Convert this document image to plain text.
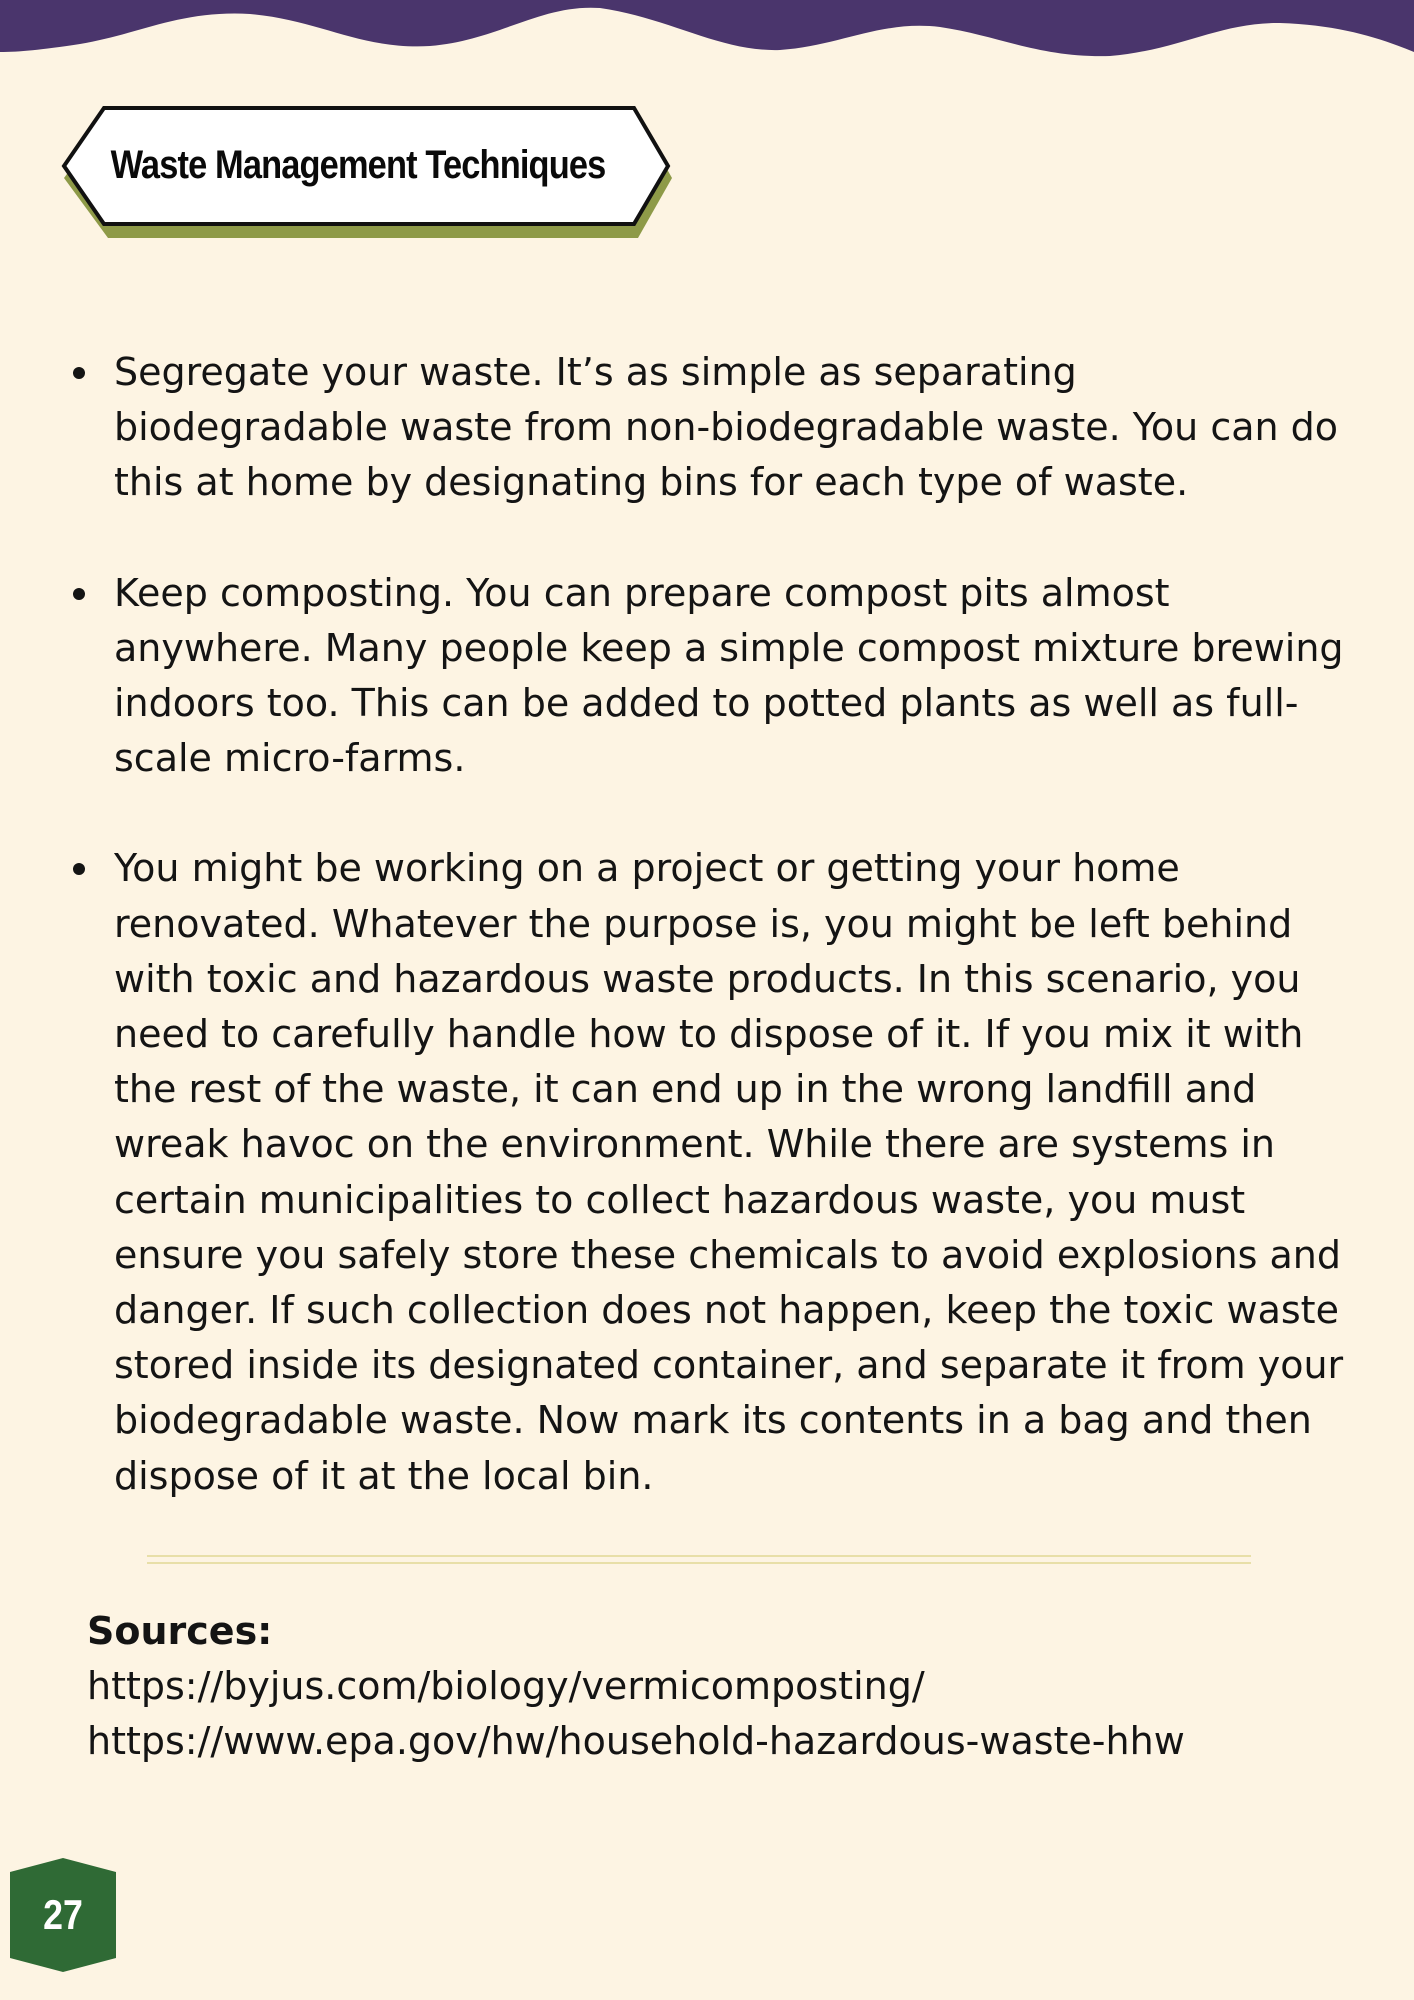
Waste Management Techniques
Segregate your waste. It’s as simple as separating biodegradable waste from non-biodegradable waste. You can do this at home by designating bins for each type of waste.
Keep composting. You can prepare compost pits almost anywhere. Many people keep a simple compost mixture brewing indoors too. This can be added to potted plants as well as full-scale micro-farms.
You might be working on a project or getting your home renovated. Whatever the purpose is, you might be left behind with toxic and hazardous waste products. In this scenario, you need to carefully handle how to dispose of it. If you mix it with the rest of the waste, it can end up in the wrong landfill and wreak havoc on the environment. While there are systems in certain municipalities to collect hazardous waste, you must ensure you safely store these chemicals to avoid explosions and danger. If such collection does not happen, keep the toxic waste stored inside its designated container, and separate it from your biodegradable waste. Now mark its contents in a bag and then dispose of it at the local bin.
Sources:
https://byjus.com/biology/vermicomposting/
https://www.epa.gov/hw/household-hazardous-waste-hhw
27
